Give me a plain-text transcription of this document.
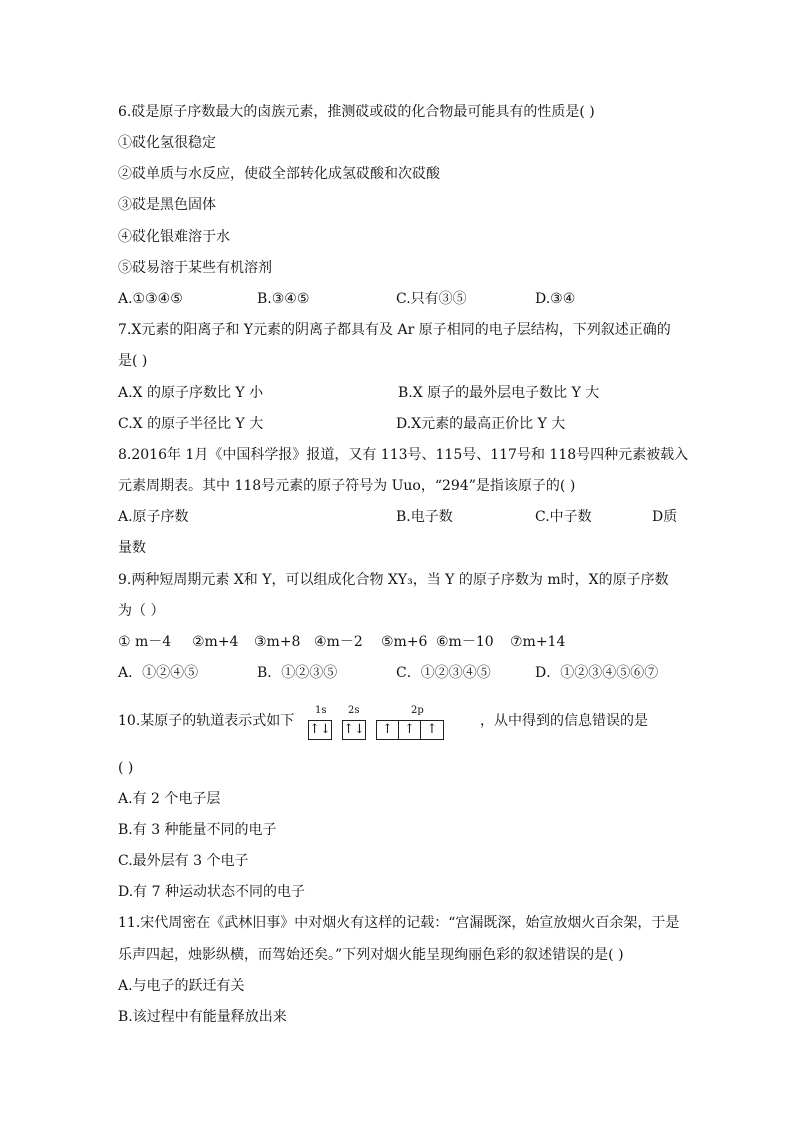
6.砹是原子序数最大的卤族元素，推测砹或砹的化合物最可能具有的性质是( )
①砹化氢很稳定
②砹单质与水反应，使砹全部转化成氢砹酸和次砹酸
③砹是黑色固体
④砹化银难溶于水
⑤砹易溶于某些有机溶剂
A.①③④⑤	B.③④⑤	C.只有③⑤	D.③④
7.X元素的阳离子和 Y元素的阴离子都具有及 Ar 原子相同的电子层结构，下列叙述正确的
是( )
A.X 的原子序数比 Y 小	B.X 原子的最外层电子数比 Y 大
C.X 的原子半径比 Y 大	D.X元素的最高正价比 Y 大
8.2016年 1月《中国科学报》报道，又有 113号、115号、117号和 118号四种元素被载入
元素周期表。其中 118号元素的原子符号为 Uuo，“294”是指该原子的( )
A.原子序数	B.电子数	C.中子数	D质
量数
9.两种短周期元素 X和 Y，可以组成化合物 XY₃，当 Y 的原子序数为 m时，X的原子序数
为（ ）
① m－4 ②m+4 ③m+8 ④m－2 ⑤m+6 ⑥m－10 ⑦m+14
A．①②④⑤	B．①②③⑤	C．①②③④⑤	D．①②③④⑤⑥⑦
10.某原子的轨道表示式如下
1s 2s	2p
↑↓ ↑↓	↑ ↑ ↑
，从中得到的信息错误的是
( )
A.有 2 个电子层
B.有 3 种能量不同的电子
C.最外层有 3 个电子
D.有 7 种运动状态不同的电子
11.宋代周密在《武林旧事》中对烟火有这样的记载：“宫漏既深，始宣放烟火百余架，于是
乐声四起，烛影纵横，而驾始还矣。”下列对烟火能呈现绚丽色彩的叙述错误的是( )
A.与电子的跃迁有关
B.该过程中有能量释放出来
